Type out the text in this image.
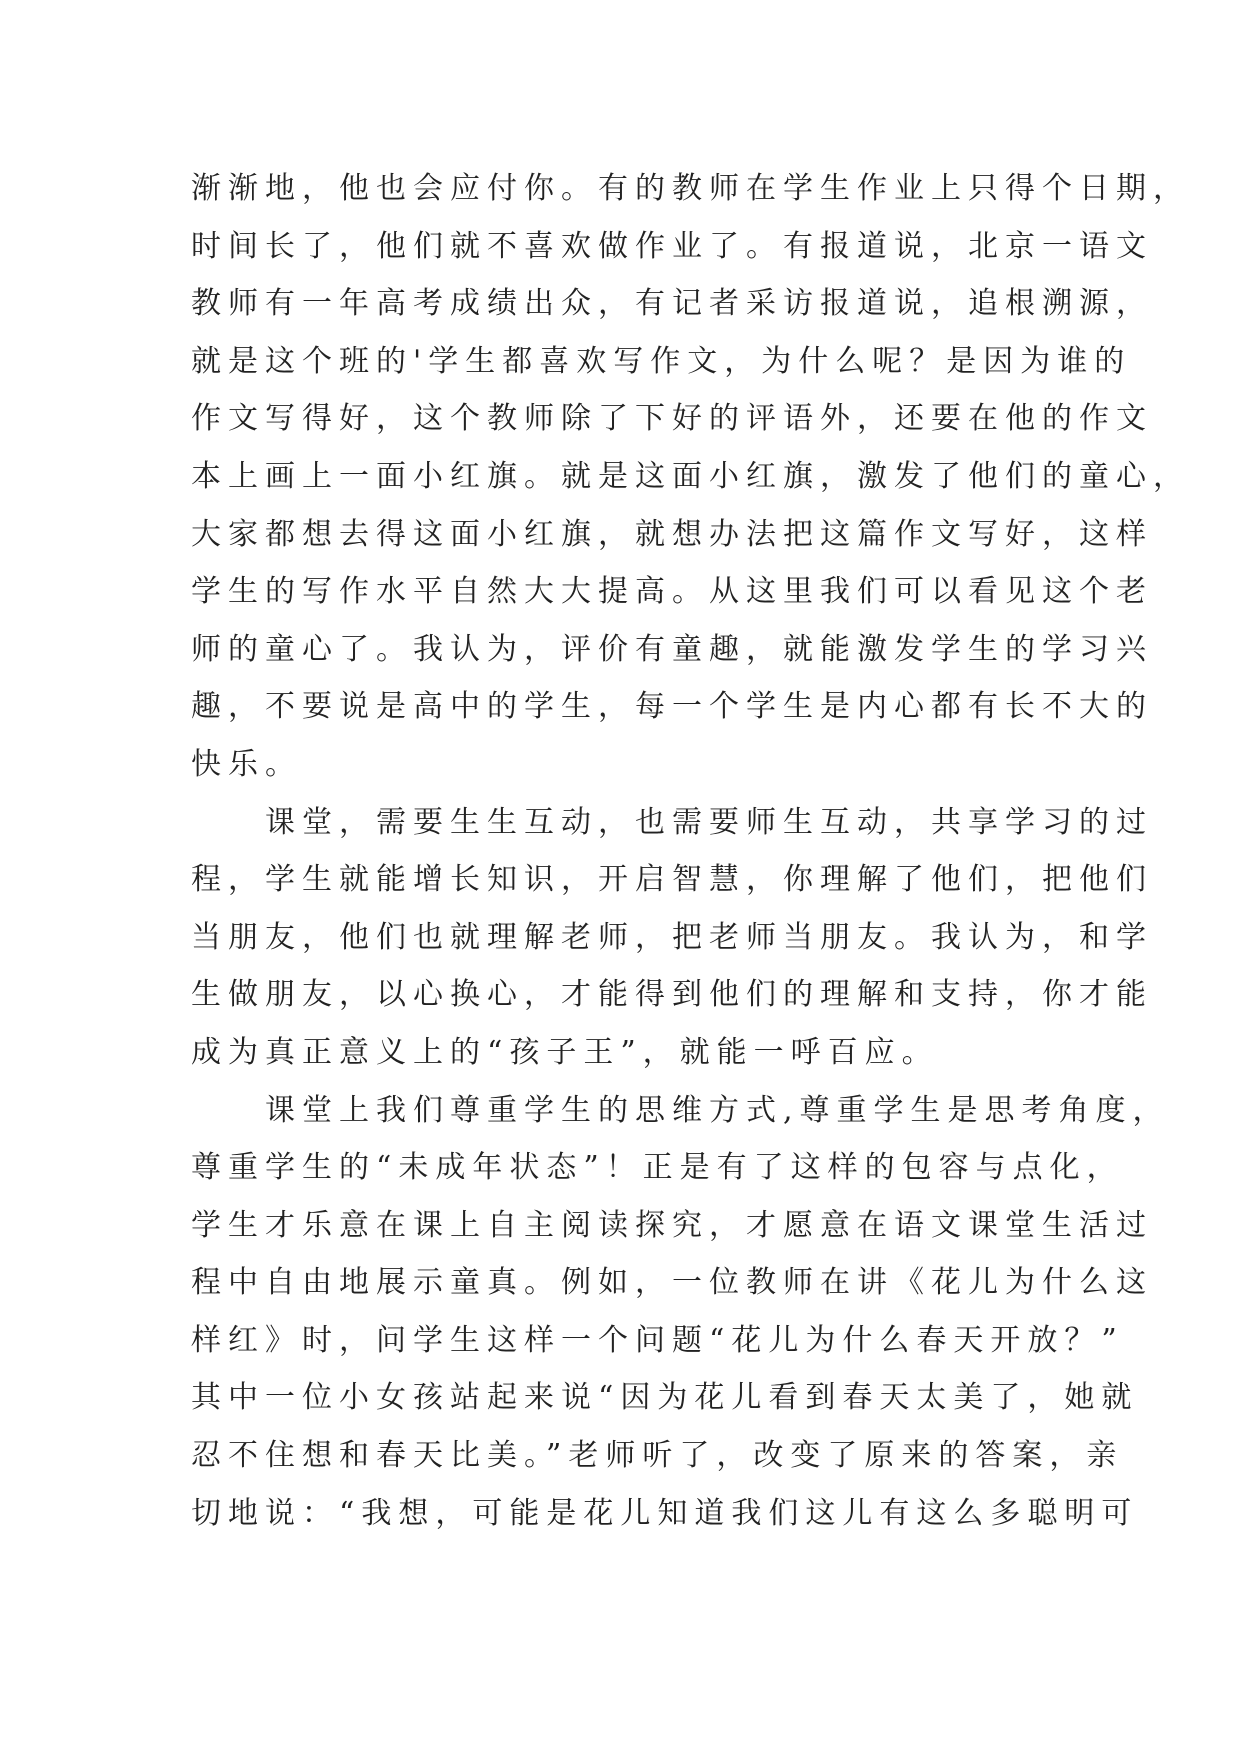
渐渐地，他也会应付你。有的教师在学生作业上只得个日期，
时间长了，他们就不喜欢做作业了。有报道说，北京一语文
教师有一年高考成绩出众，有记者采访报道说，追根溯源，
就是这个班的'学生都喜欢写作文，为什么呢？是因为谁的
作文写得好，这个教师除了下好的评语外，还要在他的作文
本上画上一面小红旗。就是这面小红旗，激发了他们的童心，
大家都想去得这面小红旗，就想办法把这篇作文写好，这样
学生的写作水平自然大大提高。从这里我们可以看见这个老
师的童心了。我认为，评价有童趣，就能激发学生的学习兴
趣，不要说是高中的学生，每一个学生是内心都有长不大的
快乐。
　　课堂，需要生生互动，也需要师生互动，共享学习的过
程，学生就能增长知识，开启智慧，你理解了他们，把他们
当朋友，他们也就理解老师，把老师当朋友。我认为，和学
生做朋友，以心换心，才能得到他们的理解和支持，你才能
成为真正意义上的“孩子王”，就能一呼百应。
　　课堂上我们尊重学生的思维方式,尊重学生是思考角度，
尊重学生的“未成年状态”！正是有了这样的包容与点化，
学生才乐意在课上自主阅读探究，才愿意在语文课堂生活过
程中自由地展示童真。例如，一位教师在讲《花儿为什么这
样红》时，问学生这样一个问题“花儿为什么春天开放？”
其中一位小女孩站起来说“因为花儿看到春天太美了，她就
忍不住想和春天比美。”老师听了，改变了原来的答案，亲
切地说：“我想，可能是花儿知道我们这儿有这么多聪明可
